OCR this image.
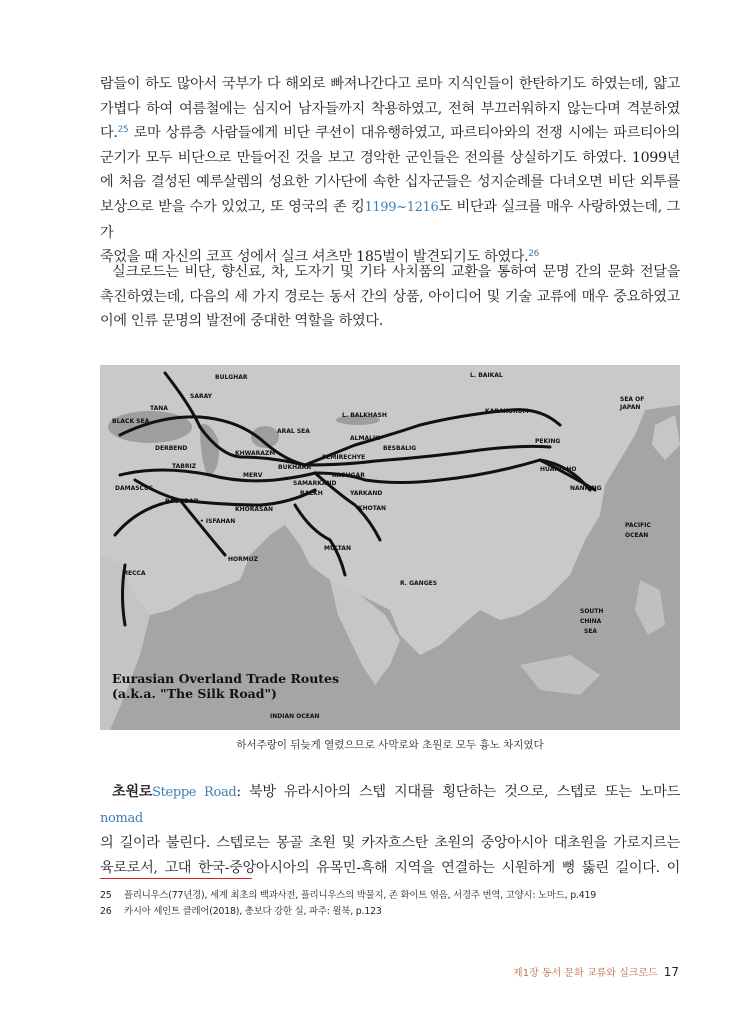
람들이 하도 많아서 국부가 다 해외로 빠져나간다고 로마 지식인들이 한탄하기도 하였는데, 얇고

가볍다 하여 여름철에는 심지어 남자들까지 착용하였고, 전혀 부끄러워하지 않는다며 격분하였

다.$^{25}$ 로마 상류층 사람들에게 비단 쿠션이 대유행하였고, 파르티아와의 전쟁 시에는 파르티아의

군기가 모두 비단으로 만들어진 것을 보고 경악한 군인들은 전의를 상실하기도 하였다. 1099년

에 처음 결성된 예루살렘의 성요한 기사단에 속한 십자군들은 성지순례를 다녀오면 비단 외투를

보상으로 받을 수가 있었고, 또 영국의 존 킹1199~1216도 비단과 실크를 매우 사랑하였는데, 그가

죽었을 때 자신의 코프 성에서 실크 셔츠만 185벌이 발견되기도 하였다.$^{26}$

실크로드는 비단, 향신료, 차, 도자기 및 기타 사치품의 교환을 통하여 문명 간의 문화 전달을

촉진하였는데, 다음의 세 가지 경로는 동서 간의 상품, 아이디어 및 기술 교류에 매우 중요하였고

이에 인류 문명의 발전에 중대한 역할을 하였다.

BULGHAR
SARAY
TANA
BLACK SEA
DERBEND
TABRIZ
DAMASCUS
BAGHDAD
• ISFAHAN
HORMUZ
MECCA
ARAL SEA
KHWARAZM
MERV
BUKHARA
SAMARKAND
BALKH
KHORASAN
KASHGAR
YARKAND
KHOTAN
MULTAN
R. GANGES
SEMIRECHYE
ALMALIK
BESBALIG
L. BALKHASH
KARAKORUM
PEKING
NANKING
SEA OF
JAPAN
PACIFIC
OCEAN
SOUTH
CHINA
SEA
INDIAN OCEAN
L. BAIKAL
HUANG HO
Eurasian Overland Trade Routes
(a.k.a. "The Silk Road")
하서주랑이 뒤늦게 열렸으므로 사막로와 초원로 모두 흉노 차지였다

초원로Steppe Road: 북방 유라시아의 스텝 지대를 횡단하는 것으로, 스텝로 또는 노마드nomad

의 길이라 불린다. 스텝로는 몽골 초원 및 카자흐스탄 초원의 중앙아시아 대초원을 가로지르는

육로로서, 고대 한국-중앙아시아의 유목민-흑해 지역을 연결하는 시원하게 뻥 뚫린 길이다. 이

25 플리니우스(77년경), 세계 최초의 백과사전, 플리니우스의 박물지, 존 화이트 엮음, 서경주 번역, 고양시: 노마드, p.419
26 카시아 세인트 클레어(2018), 총보다 강한 실, 파주: 윌북, p.123
제1장 동서 문화 교류와 실크로드 17
